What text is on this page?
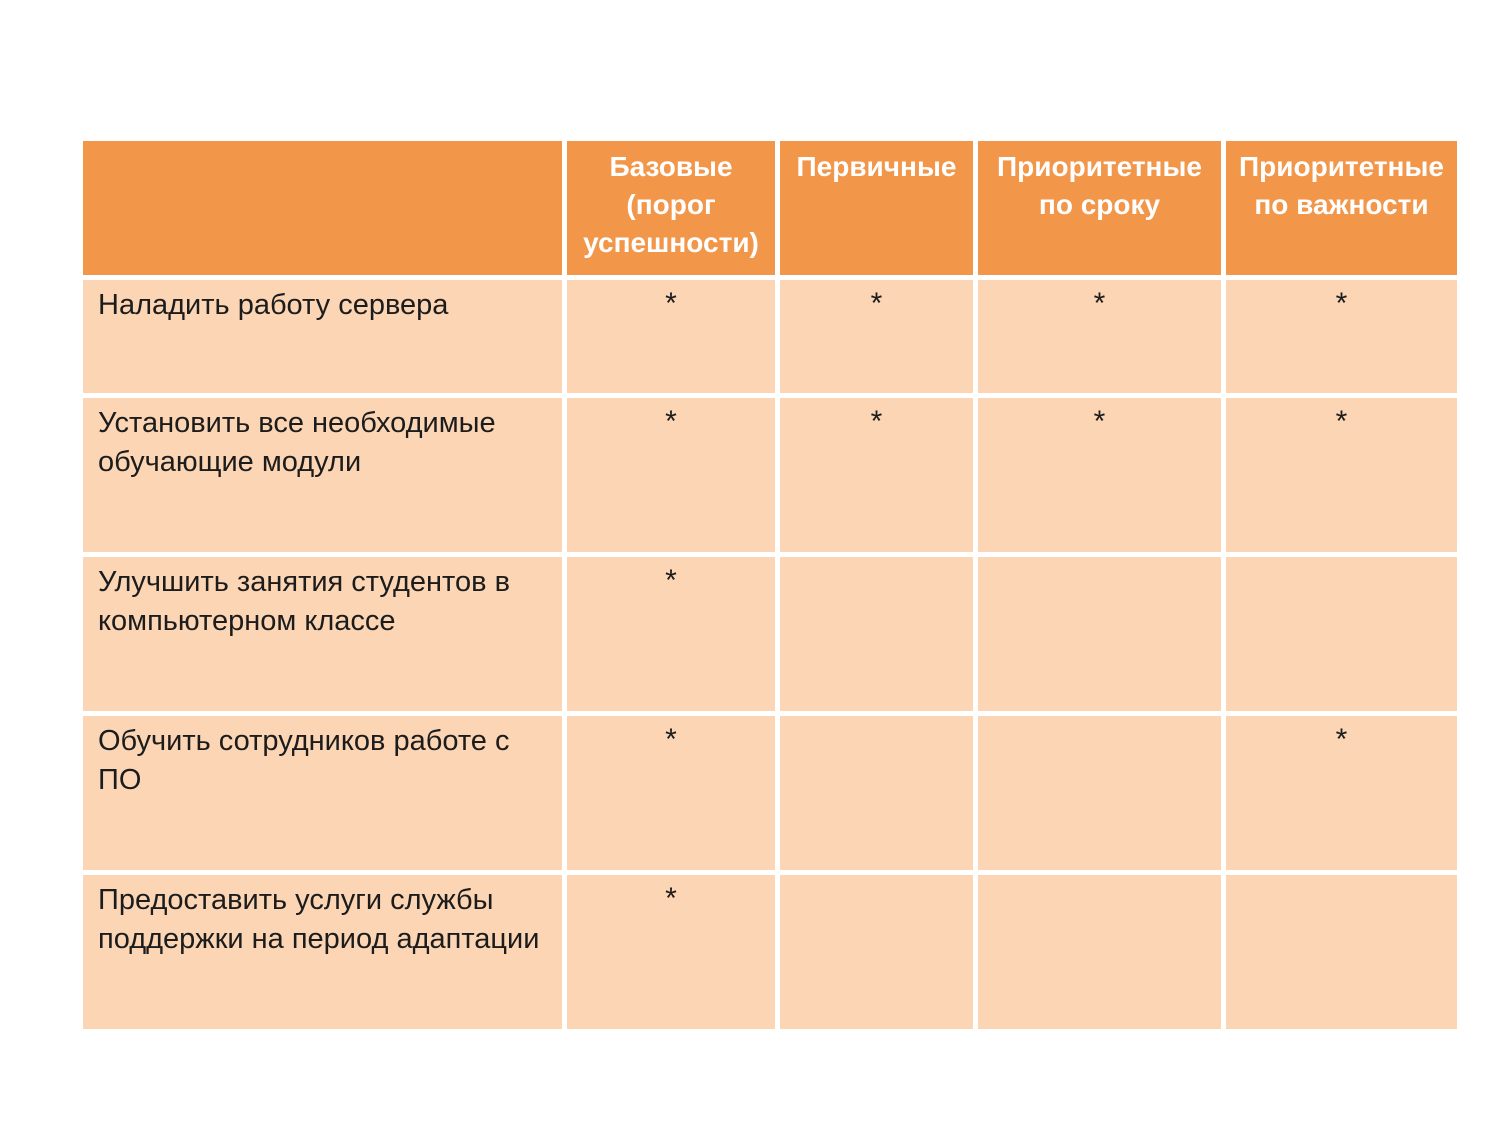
	Базовые (порог успешности)	Первичные	Приоритетные по сроку	Приоритетные по важности
Наладить работу сервера	*	*	*	*
Установить все необходимые обучающие модули	*	*	*	*
Улучшить занятия студентов в компьютерном классе	*			
Обучить сотрудников работе с ПО	*			*
Предоставить услуги службы поддержки на период адаптации	*			
